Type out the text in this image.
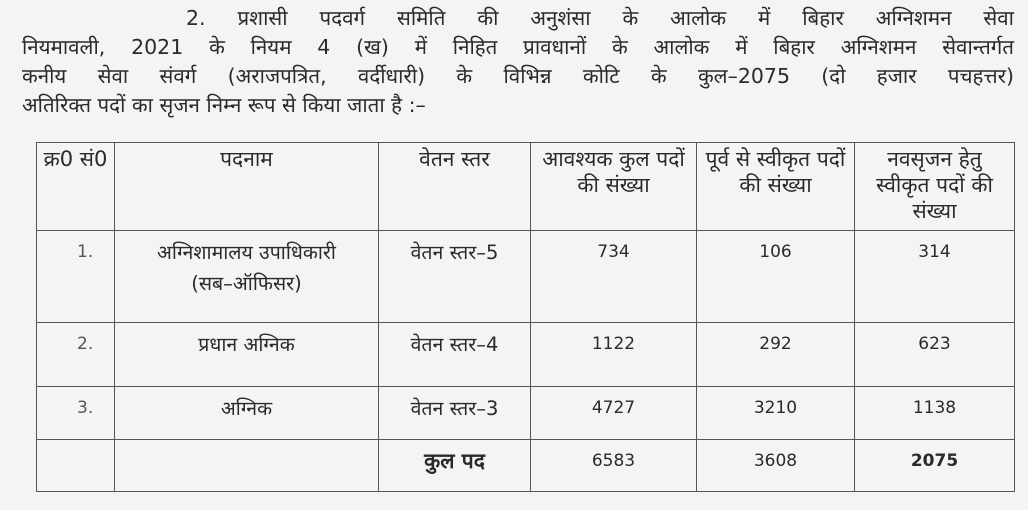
2. प्रशासी पदवर्ग समिति की अनुशंसा के आलोक में बिहार अग्निशमन सेवा
नियमावली, 2021 के नियम 4 (ख) में निहित प्रावधानों के आलोक में बिहार अग्निशमन सेवान्तर्गत
कनीय सेवा संवर्ग (अराजपत्रित, वर्दीधारी) के विभिन्न कोटि के कुल–2075 (दो हजार पचहत्तर)
अतिरिक्त पदों का सृजन निम्न रूप से किया जाता है :–
क्र0 सं0	पदनाम	वेतन स्तर	आवश्यक कुल पदों की संख्या	पूर्व से स्वीकृत पदों की संख्या	नवसृजन हेतु स्वीकृत पदों की संख्या
1.	अग्निशामालय उपाधिकारी (सब–ऑफिसर)	वेतन स्तर–5	734	106	314
2.	प्रधान अग्निक	वेतन स्तर–4	1122	292	623
3.	अग्निक	वेतन स्तर–3	4727	3210	1138
		कुल पद	6583	3608	2075
